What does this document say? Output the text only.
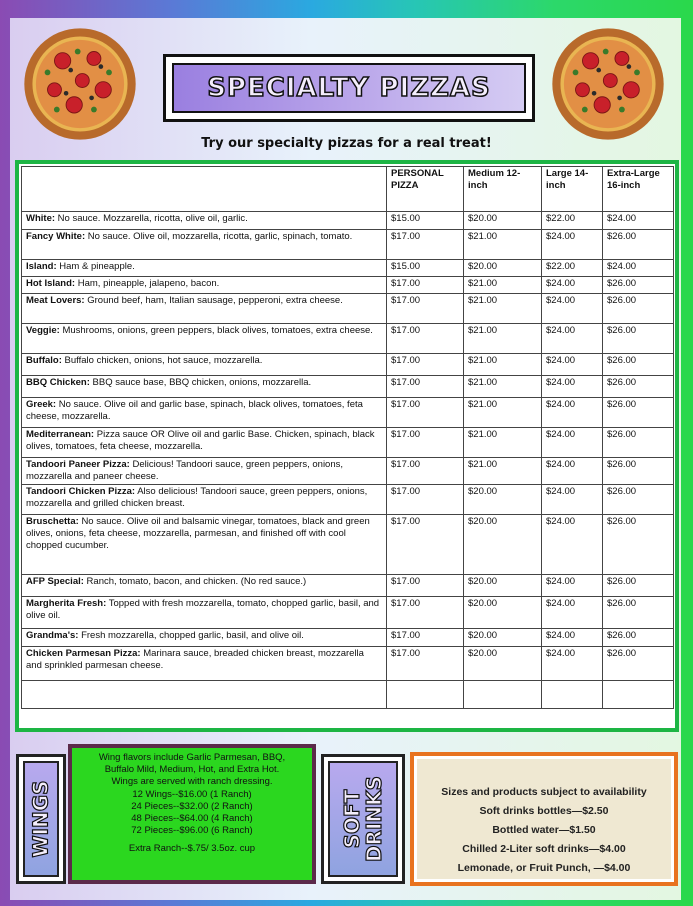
SPECIALTY PIZZAS
Try our specialty pizzas for a real treat!
	PERSONAL PIZZA	Medium 12-inch	Large 14-inch	Extra-Large 16-inch
White: No sauce. Mozzarella, ricotta, olive oil, garlic.	$15.00	$20.00	$22.00	$24.00
Fancy White: No sauce. Olive oil, mozzarella, ricotta, garlic, spinach, tomato.	$17.00	$21.00	$24.00	$26.00
Island: Ham & pineapple.	$15.00	$20.00	$22.00	$24.00
Hot Island: Ham, pineapple, jalapeno, bacon.	$17.00	$21.00	$24.00	$26.00
Meat Lovers: Ground beef, ham, Italian sausage, pepperoni, extra cheese.	$17.00	$21.00	$24.00	$26.00
Veggie: Mushrooms, onions, green peppers, black olives, tomatoes, extra cheese.	$17.00	$21.00	$24.00	$26.00
Buffalo: Buffalo chicken, onions, hot sauce, mozzarella.	$17.00	$21.00	$24.00	$26.00
BBQ Chicken: BBQ sauce base, BBQ chicken, onions, mozzarella.	$17.00	$21.00	$24.00	$26.00
Greek: No sauce. Olive oil and garlic base, spinach, black olives, tomatoes, feta cheese, mozzarella.	$17.00	$21.00	$24.00	$26.00
Mediterranean: Pizza sauce OR Olive oil and garlic Base. Chicken, spinach, black olives, tomatoes, feta cheese, mozzarella.	$17.00	$21.00	$24.00	$26.00
Tandoori Paneer Pizza: Delicious! Tandoori sauce, green peppers, onions, mozzarella and paneer cheese.	$17.00	$21.00	$24.00	$26.00
Tandoori Chicken Pizza: Also delicious! Tandoori sauce, green peppers, onions, mozzarella and grilled chicken breast.	$17.00	$20.00	$24.00	$26.00
Bruschetta: No sauce. Olive oil and balsamic vinegar, tomatoes, black and green olives, onions, feta cheese, mozzarella, parmesan, and finished off with cool chopped cucumber.	$17.00	$20.00	$24.00	$26.00
AFP Special: Ranch, tomato, bacon, and chicken. (No red sauce.)	$17.00	$20.00	$24.00	$26.00
Margherita Fresh: Topped with fresh mozzarella, tomato, chopped garlic, basil, and olive oil.	$17.00	$20.00	$24.00	$26.00
Grandma's: Fresh mozzarella, chopped garlic, basil, and olive oil.	$17.00	$20.00	$24.00	$26.00
Chicken Parmesan Pizza: Marinara sauce, breaded chicken breast, mozzarella and sprinkled parmesan cheese.	$17.00	$20.00	$24.00	$26.00

WINGS
Wing flavors include Garlic Parmesan, BBQ,
Buffalo Mild, Medium, Hot, and Extra Hot.
Wings are served with ranch dressing.
12 Wings--$16.00 (1 Ranch)
24 Pieces--$32.00 (2 Ranch)
48 Pieces--$64.00 (4 Ranch)
72 Pieces--$96.00 (6 Ranch)
Extra Ranch--$.75/ 3.5oz. cup
SOFT
DRINKS	Sizes and products subject to availability
Soft drinks bottles—$2.50
Bottled water—$1.50
Chilled 2-Liter soft drinks—$4.00
Lemonade, or Fruit Punch, —$4.00
